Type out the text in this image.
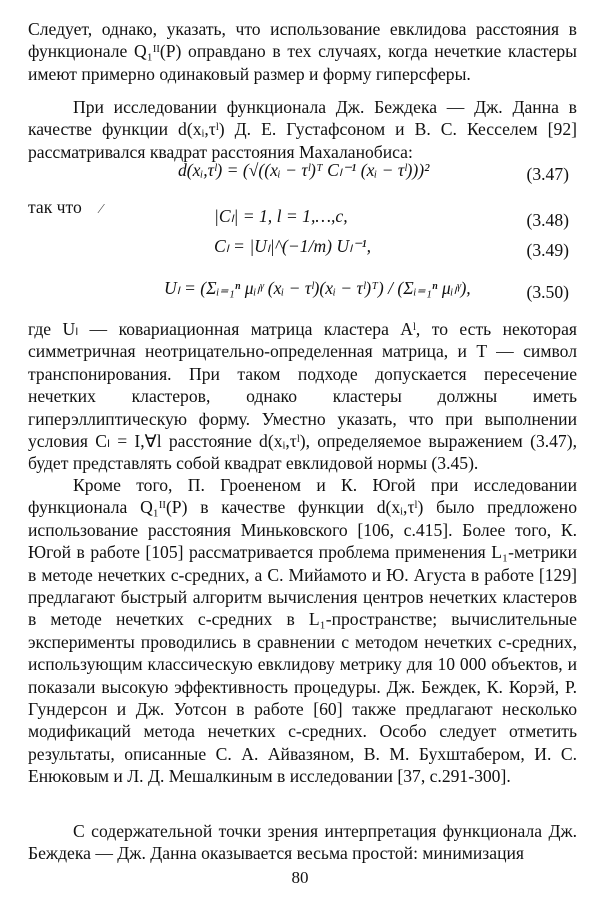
Следует, однако, указать, что использование евклидова расстояния в функционале Q₁ᴵᴵ(P) оправдано в тех случаях, когда нечеткие кластеры имеют примерно одинаковый размер и форму гиперсферы.

При исследовании функционала Дж. Беждека — Дж. Данна в качестве функции d(xᵢ,τˡ) Д. Е. Густафсоном и В. С. Кесселем [92] рассматривался квадрат расстояния Махаланобиса:

d(xᵢ,τˡ) = (√((xᵢ − τˡ)ᵀ Cₗ⁻¹ (xᵢ − τˡ)))²	(3.47)

так что	⁄	|Cₗ| = 1, l = 1,…,c,	(3.48)
Cₗ = |Uₗ|^(−1/m) Uₗ⁻¹,	(3.49)
Uₗ = (Σᵢ₌₁ⁿ μᵢₗᵞ (xᵢ − τˡ)(xᵢ − τˡ)ᵀ) / (Σᵢ₌₁ⁿ μᵢₗᵞ),	(3.50)

где Uₗ — ковариационная матрица кластера Aˡ, то есть некоторая симметричная неотрицательно-определенная матрица, и T — символ транспонирования. При таком подходе допускается пересечение нечетких кластеров, однако кластеры должны иметь гиперэллиптическую форму. Уместно указать, что при выполнении условия Cₗ = I,∀l расстояние d(xᵢ,τˡ), определяемое выражением (3.47), будет представлять собой квадрат евклидовой нормы (3.45).

Кроме того, П. Гроененом и К. Югой при исследовании функционала Q₁ᴵᴵ(P) в качестве функции d(xᵢ,τˡ) было предложено использование расстояния Миньковского [106, с.415]. Более того, К. Югой в работе [105] рассматривается проблема применения L₁-метрики в методе нечетких c-средних, а С. Мийамото и Ю. Агуста в работе [129] предлагают быстрый алгоритм вычисления центров нечетких кластеров в методе нечетких c-средних в L₁-пространстве; вычислительные эксперименты проводились в сравнении с методом нечетких c-средних, использующим классическую евклидову метрику для 10 000 объектов, и показали высокую эффективность процедуры. Дж. Беждек, К. Корэй, Р. Гундерсон и Дж. Уотсон в работе [60] также предлагают несколько модификаций метода нечетких c-средних. Особо следует отметить результаты, описанные С. А. Айвазяном, В. М. Бухштабером, И. С. Енюковым и Л. Д. Мешалкиным в исследовании [37, с.291-300].

С содержательной точки зрения интерпретация функционала Дж. Беждека — Дж. Данна оказывается весьма простой: минимизация

80
